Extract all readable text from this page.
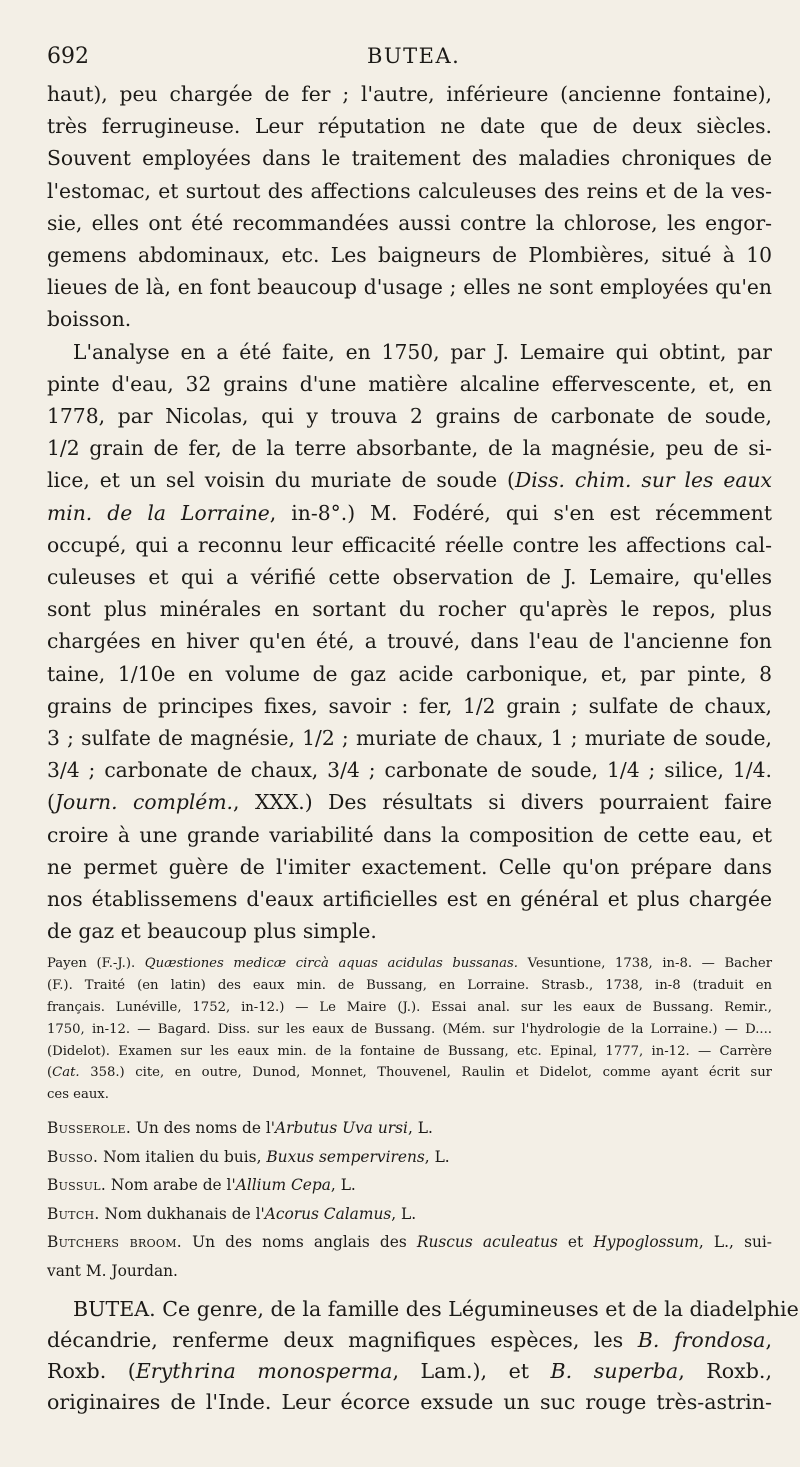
692	BUTEA.
haut), peu chargée de fer ; l'autre, inférieure (ancienne fontaine),
très ferrugineuse. Leur réputation ne date que de deux siècles.
Souvent employées dans le traitement des maladies chroniques de
l'estomac, et surtout des affections calculeuses des reins et de la ves-
sie, elles ont été recommandées aussi contre la chlorose, les engor-
gemens abdominaux, etc. Les baigneurs de Plombières, situé à 10
lieues de là, en font beaucoup d'usage ; elles ne sont employées qu'en
boisson.
L'analyse en a été faite, en 1750, par J. Lemaire qui obtint, par
pinte d'eau, 32 grains d'une matière alcaline effervescente, et, en
1778, par Nicolas, qui y trouva 2 grains de carbonate de soude,
1/2 grain de fer, de la terre absorbante, de la magnésie, peu de si-
lice, et un sel voisin du muriate de soude (Diss. chim. sur les eaux
min. de la Lorraine, in-8°.) M. Fodéré, qui s'en est récemment
occupé, qui a reconnu leur efficacité réelle contre les affections cal-
culeuses et qui a vérifié cette observation de J. Lemaire, qu'elles
sont plus minérales en sortant du rocher qu'après le repos, plus
chargées en hiver qu'en été, a trouvé, dans l'eau de l'ancienne fon
taine, 1/10e en volume de gaz acide carbonique, et, par pinte, 8
grains de principes fixes, savoir : fer, 1/2 grain ; sulfate de chaux,
3 ; sulfate de magnésie, 1/2 ; muriate de chaux, 1 ; muriate de soude,
3/4 ; carbonate de chaux, 3/4 ; carbonate de soude, 1/4 ; silice, 1/4.
(Journ. complém., XXX.) Des résultats si divers pourraient faire
croire à une grande variabilité dans la composition de cette eau, et
ne permet guère de l'imiter exactement. Celle qu'on prépare dans
nos établissemens d'eaux artificielles est en général et plus chargée
de gaz et beaucoup plus simple.
Payen (F.-J.). Quæstiones medicæ circà aquas acidulas bussanas. Vesuntione, 1738, in-8. — Bacher
(F.). Traité (en latin) des eaux min. de Bussang, en Lorraine. Strasb., 1738, in-8 (traduit en
français. Lunéville, 1752, in-12.) — Le Maire (J.). Essai anal. sur les eaux de Bussang. Remir.,
1750, in-12. — Bagard. Diss. sur les eaux de Bussang. (Mém. sur l'hydrologie de la Lorraine.) — D....
(Didelot). Examen sur les eaux min. de la fontaine de Bussang, etc. Epinal, 1777, in-12. — Carrère
(Cat. 358.) cite, en outre, Dunod, Monnet, Thouvenel, Raulin et Didelot, comme ayant écrit sur
ces eaux.
Busserole. Un des noms de l'Arbutus Uva ursi, L.
Busso. Nom italien du buis, Buxus sempervirens, L.
Bussul. Nom arabe de l'Allium Cepa, L.
Butch. Nom dukhanais de l'Acorus Calamus, L.
Butchers broom. Un des noms anglais des Ruscus aculeatus et Hypoglossum, L., sui-
vant M. Jourdan.
BUTEA. Ce genre, de la famille des Légumineuses et de la diadelphie
décandrie, renferme deux magnifiques espèces, les B. frondosa,
Roxb. (Erythrina monosperma, Lam.), et B. superba, Roxb.,
originaires de l'Inde. Leur écorce exsude un suc rouge très-astrin-
